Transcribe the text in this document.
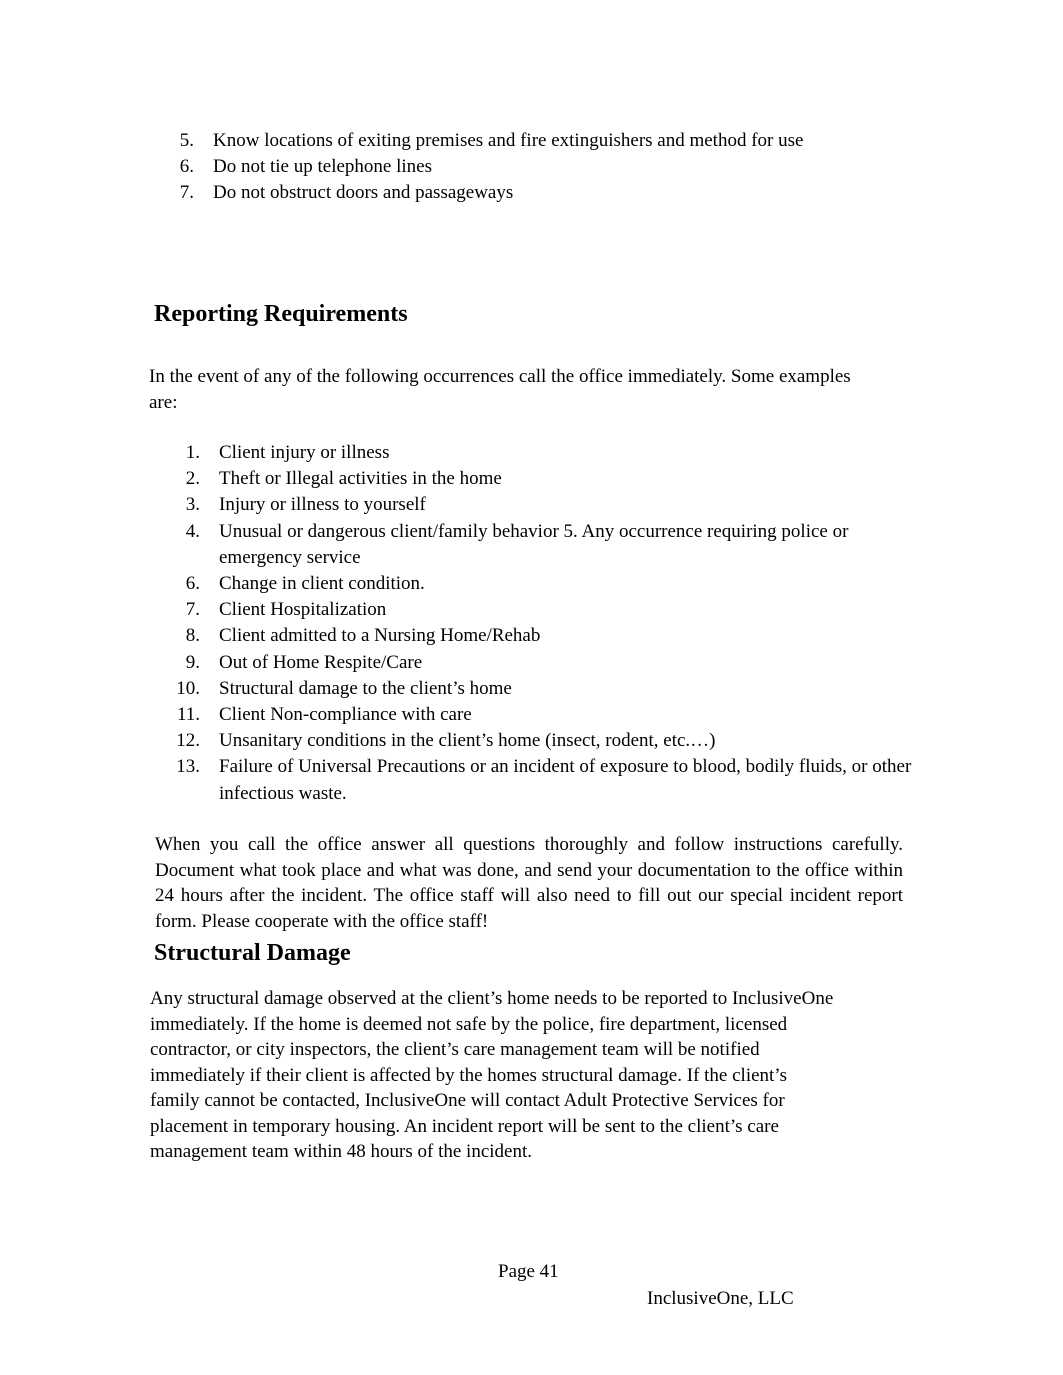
5. Know locations of exiting premises and fire extinguishers and method for use
6. Do not tie up telephone lines
7. Do not obstruct doors and passageways
Reporting Requirements
In the event of any of the following occurrences call the office immediately. Some examples
are:
1. Client injury or illness
2. Theft or Illegal activities in the home
3. Injury or illness to yourself
4. Unusual or dangerous client/family behavior 5. Any occurrence requiring police or
emergency service
6. Change in client condition.
7. Client Hospitalization
8. Client admitted to a Nursing Home/Rehab
9. Out of Home Respite/Care
10. Structural damage to the client’s home
11. Client Non-compliance with care
12. Unsanitary conditions in the client’s home (insect, rodent, etc.…)
13. Failure of Universal Precautions or an incident of exposure to blood, bodily fluids, or other
infectious waste.
When you call the office answer all questions thoroughly and follow instructions carefully. Document what took place and what was done, and send your documentation to the office within 24 hours after the incident. The office staff will also need to fill out our special incident report form. Please cooperate with the office staff!
Structural Damage
Any structural damage observed at the client’s home needs to be reported to InclusiveOne
immediately. If the home is deemed not safe by the police, fire department, licensed
contractor, or city inspectors, the client’s care management team will be notified
immediately if their client is affected by the homes structural damage. If the client’s
family cannot be contacted, InclusiveOne will contact Adult Protective Services for
placement in temporary housing. An incident report will be sent to the client’s care
management team within 48 hours of the incident.
Page 41
InclusiveOne, LLC
